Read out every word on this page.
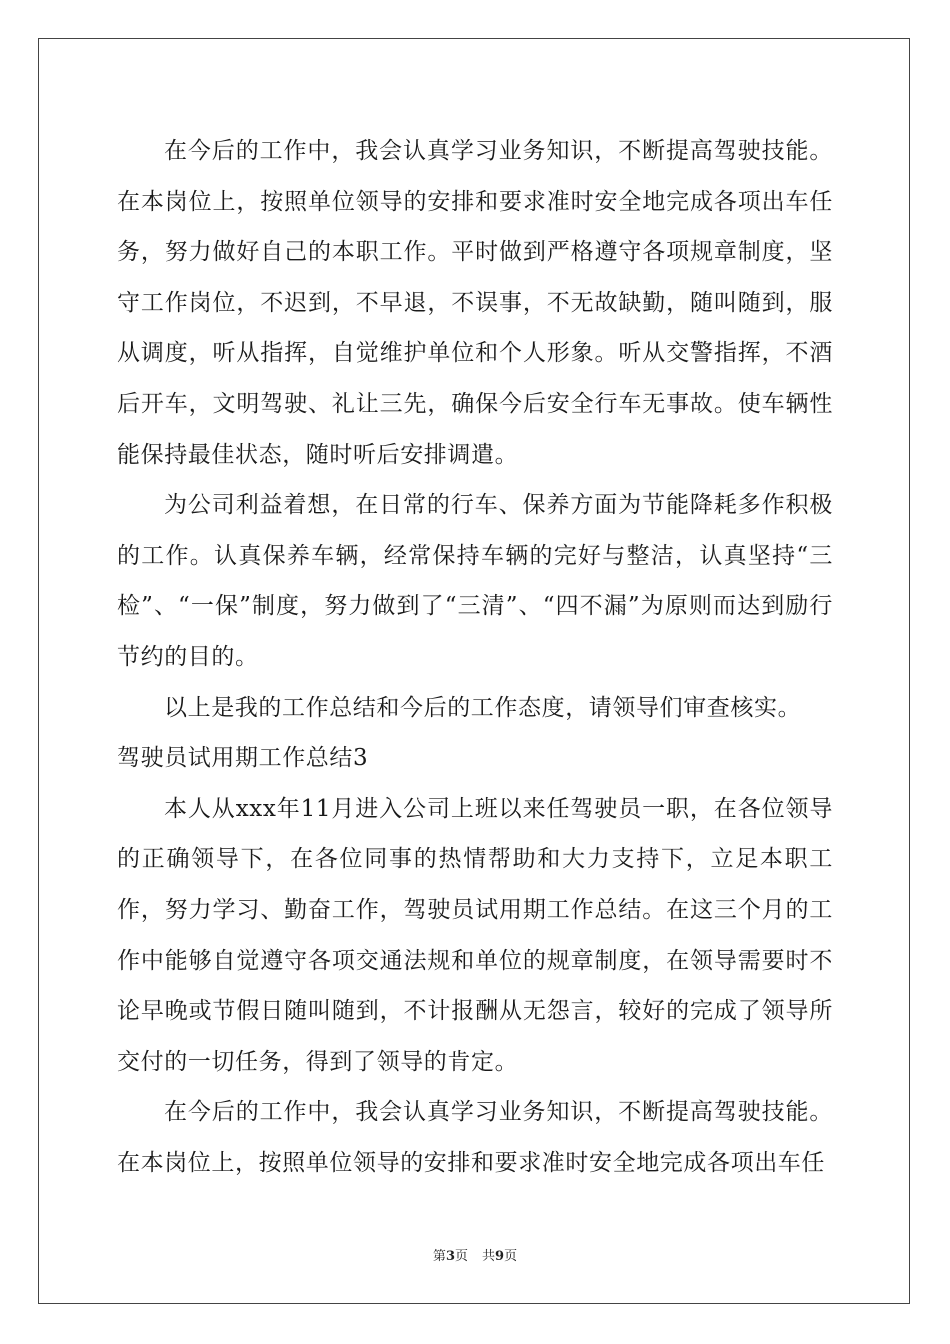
在今后的工作中，我会认真学习业务知识，不断提高驾驶技能。在本岗位上，按照单位领导的安排和要求准时安全地完成各项出车任务，努力做好自己的本职工作。平时做到严格遵守各项规章制度，坚守工作岗位，不迟到，不早退，不误事，不无故缺勤，随叫随到，服从调度，听从指挥，自觉维护单位和个人形象。听从交警指挥，不酒后开车，文明驾驶、礼让三先，确保今后安全行车无事故。使车辆性能保持最佳状态，随时听后安排调遣。

为公司利益着想，在日常的行车、保养方面为节能降耗多作积极的工作。认真保养车辆，经常保持车辆的完好与整洁，认真坚持“三检”、“一保”制度，努力做到了“三清”、“四不漏”为原则而达到励行节约的目的。

以上是我的工作总结和今后的工作态度，请领导们审查核实。

驾驶员试用期工作总结3

本人从xxx年11月进入公司上班以来任驾驶员一职，在各位领导的正确领导下，在各位同事的热情帮助和大力支持下，立足本职工作，努力学习、勤奋工作，驾驶员试用期工作总结。在这三个月的工作中能够自觉遵守各项交通法规和单位的规章制度，在领导需要时不论早晚或节假日随叫随到，不计报酬从无怨言，较好的完成了领导所交付的一切任务，得到了领导的肯定。

在今后的工作中，我会认真学习业务知识，不断提高驾驶技能。在本岗位上，按照单位领导的安排和要求准时安全地完成各项出车任

第3页 共9页
